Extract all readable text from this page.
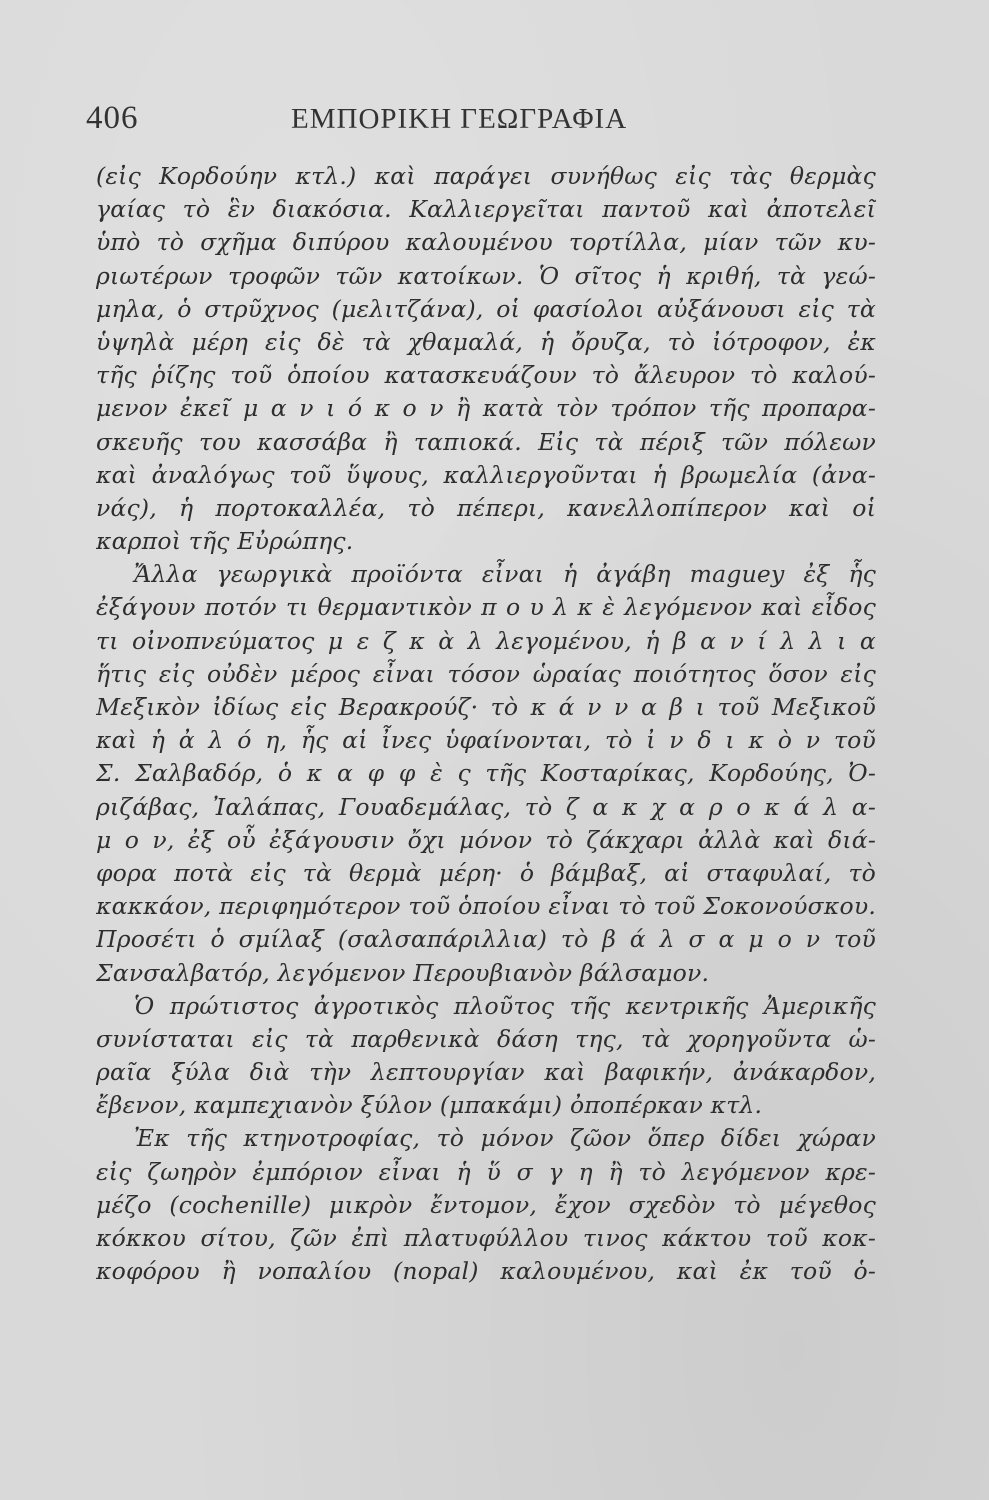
406	ΕΜΠΟΡΙΚΗ ΓΕΩΓΡΑΦΙΑ
(εἰς Κορδούην κτλ.) καὶ παράγει συνήθως εἰς τὰς θερμὰς
γαίας τὸ ἓν διακόσια. Καλλιεργεῖται παντοῦ καὶ ἀποτελεῖ
ὑπὸ τὸ σχῆμα διπύρου καλουμένου τορτίλλα, μίαν τῶν κυ-
ριωτέρων τροφῶν τῶν κατοίκων. Ὁ σῖτος ἡ κριθή, τὰ γεώ-
μηλα, ὁ στρῦχνος (μελιτζάνα), οἱ φασίολοι αὐξάνουσι εἰς τὰ
ὑψηλὰ μέρη εἰς δὲ τὰ χθαμαλά, ἡ ὄρυζα, τὸ ἰότροφον, ἐκ
τῆς ῥίζης τοῦ ὁποίου κατασκευάζουν τὸ ἄλευρον τὸ καλού-
μενον ἐκεῖ μ α ν ι ό κ ο ν ἢ κατὰ τὸν τρόπον τῆς προπαρα-
σκευῆς του κασσάβα ἢ ταπιοκά. Εἰς τὰ πέριξ τῶν πόλεων
καὶ ἀναλόγως τοῦ ὕψους, καλλιεργοῦνται ἡ βρωμελία (ἀνα-
νάς), ἡ πορτοκαλλέα, τὸ πέπερι, κανελλοπίπερον καὶ οἱ
καρποὶ τῆς Εὐρώπης.
Ἄλλα γεωργικὰ προϊόντα εἶναι ἡ ἀγάβη maguey ἐξ ἧς
ἐξάγουν ποτόν τι θερμαντικὸν π ο υ λ κ ὲ λεγόμενον καὶ εἶδος
τι οἰνοπνεύματος μ ε ζ κ ὰ λ λεγομένου, ἡ β α ν ί λ λ ι α
ἥτις εἰς οὐδὲν μέρος εἶναι τόσον ὡραίας ποιότητος ὅσον εἰς
Μεξικὸν ἰδίως εἰς Βερακρούζ· τὸ κ ά ν ν α β ι τοῦ Μεξικοῦ
καὶ ἡ ἀ λ ό η, ἧς αἱ ἶνες ὑφαίνονται, τὸ ἰ ν δ ι κ ὸ ν τοῦ
Σ. Σαλβαδόρ, ὁ κ α φ φ ὲ ς τῆς Κοσταρίκας, Κορδούης, Ὀ-
ριζάβας, Ἰαλάπας, Γουαδεμάλας, τὸ ζ α κ χ α ρ ο κ ά λ α-
μ ο ν, ἐξ οὗ ἐξάγουσιν ὄχι μόνον τὸ ζάκχαρι ἀλλὰ καὶ διά-
φορα ποτὰ εἰς τὰ θερμὰ μέρη· ὁ βάμβαξ, αἱ σταφυλαί, τὸ
κακκάον, περιφημότερον τοῦ ὁποίου εἶναι τὸ τοῦ Σοκονούσκου.
Προσέτι ὁ σμίλαξ (σαλσαπάριλλια) τὸ β ά λ σ α μ ο ν τοῦ
Σανσαλβατόρ, λεγόμενον Περουβιανὸν βάλσαμον.
Ὁ πρώτιστος ἀγροτικὸς πλοῦτος τῆς κεντρικῆς Ἀμερικῆς
συνίσταται εἰς τὰ παρθενικὰ δάση της, τὰ χορηγοῦντα ὡ-
ραῖα ξύλα διὰ τὴν λεπτουργίαν καὶ βαφικήν, ἀνάκαρδον,
ἔβενον, καμπεχιανὸν ξύλον (μπακάμι) ὀποπέρκαν κτλ.
Ἐκ τῆς κτηνοτροφίας, τὸ μόνον ζῶον ὅπερ δίδει χώραν
εἰς ζωηρὸν ἐμπόριον εἶναι ἡ ὕ σ γ η ἢ τὸ λεγόμενον κρε-
μέζο (cochenille) μικρὸν ἔντομον, ἔχον σχεδὸν τὸ μέγεθος
κόκκου σίτου, ζῶν ἐπὶ πλατυφύλλου τινος κάκτου τοῦ κοκ-
κοφόρου ἢ νοπαλίου (nopal) καλουμένου, καὶ ἐκ τοῦ ὁ-
